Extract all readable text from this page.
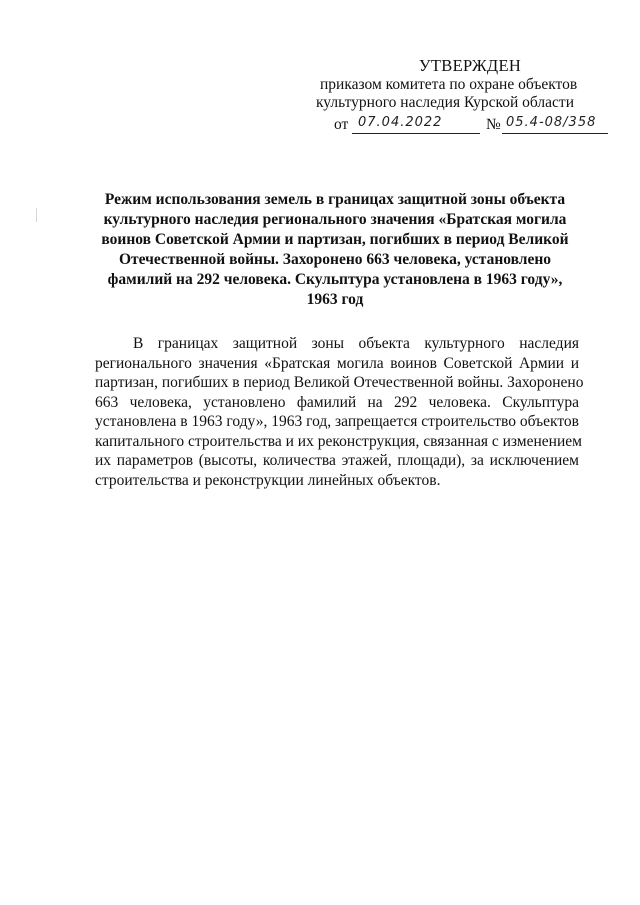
УТВЕРЖДЕН
приказом комитета по охране объектов
культурного наследия Курской области
от 07.04.2022	№ 05.4-08/358
Режим использования земель в границах защитной зоны объекта
культурного наследия регионального значения «Братская могила
воинов Советской Армии и партизан, погибших в период Великой
Отечественной войны. Захоронено 663 человека, установлено
фамилий на 292 человека. Скульптура установлена в 1963 году»,
1963 год
В границах защитной зоны объекта культурного наследия
регионального значения «Братская могила воинов Советской Армии и
партизан, погибших в период Великой Отечественной войны. Захоронено
663 человека, установлено фамилий на 292 человека. Скульптура
установлена в 1963 году», 1963 год, запрещается строительство объектов
капитального строительства и их реконструкция, связанная с изменением
их параметров (высоты, количества этажей, площади), за исключением
строительства и реконструкции линейных объектов.
